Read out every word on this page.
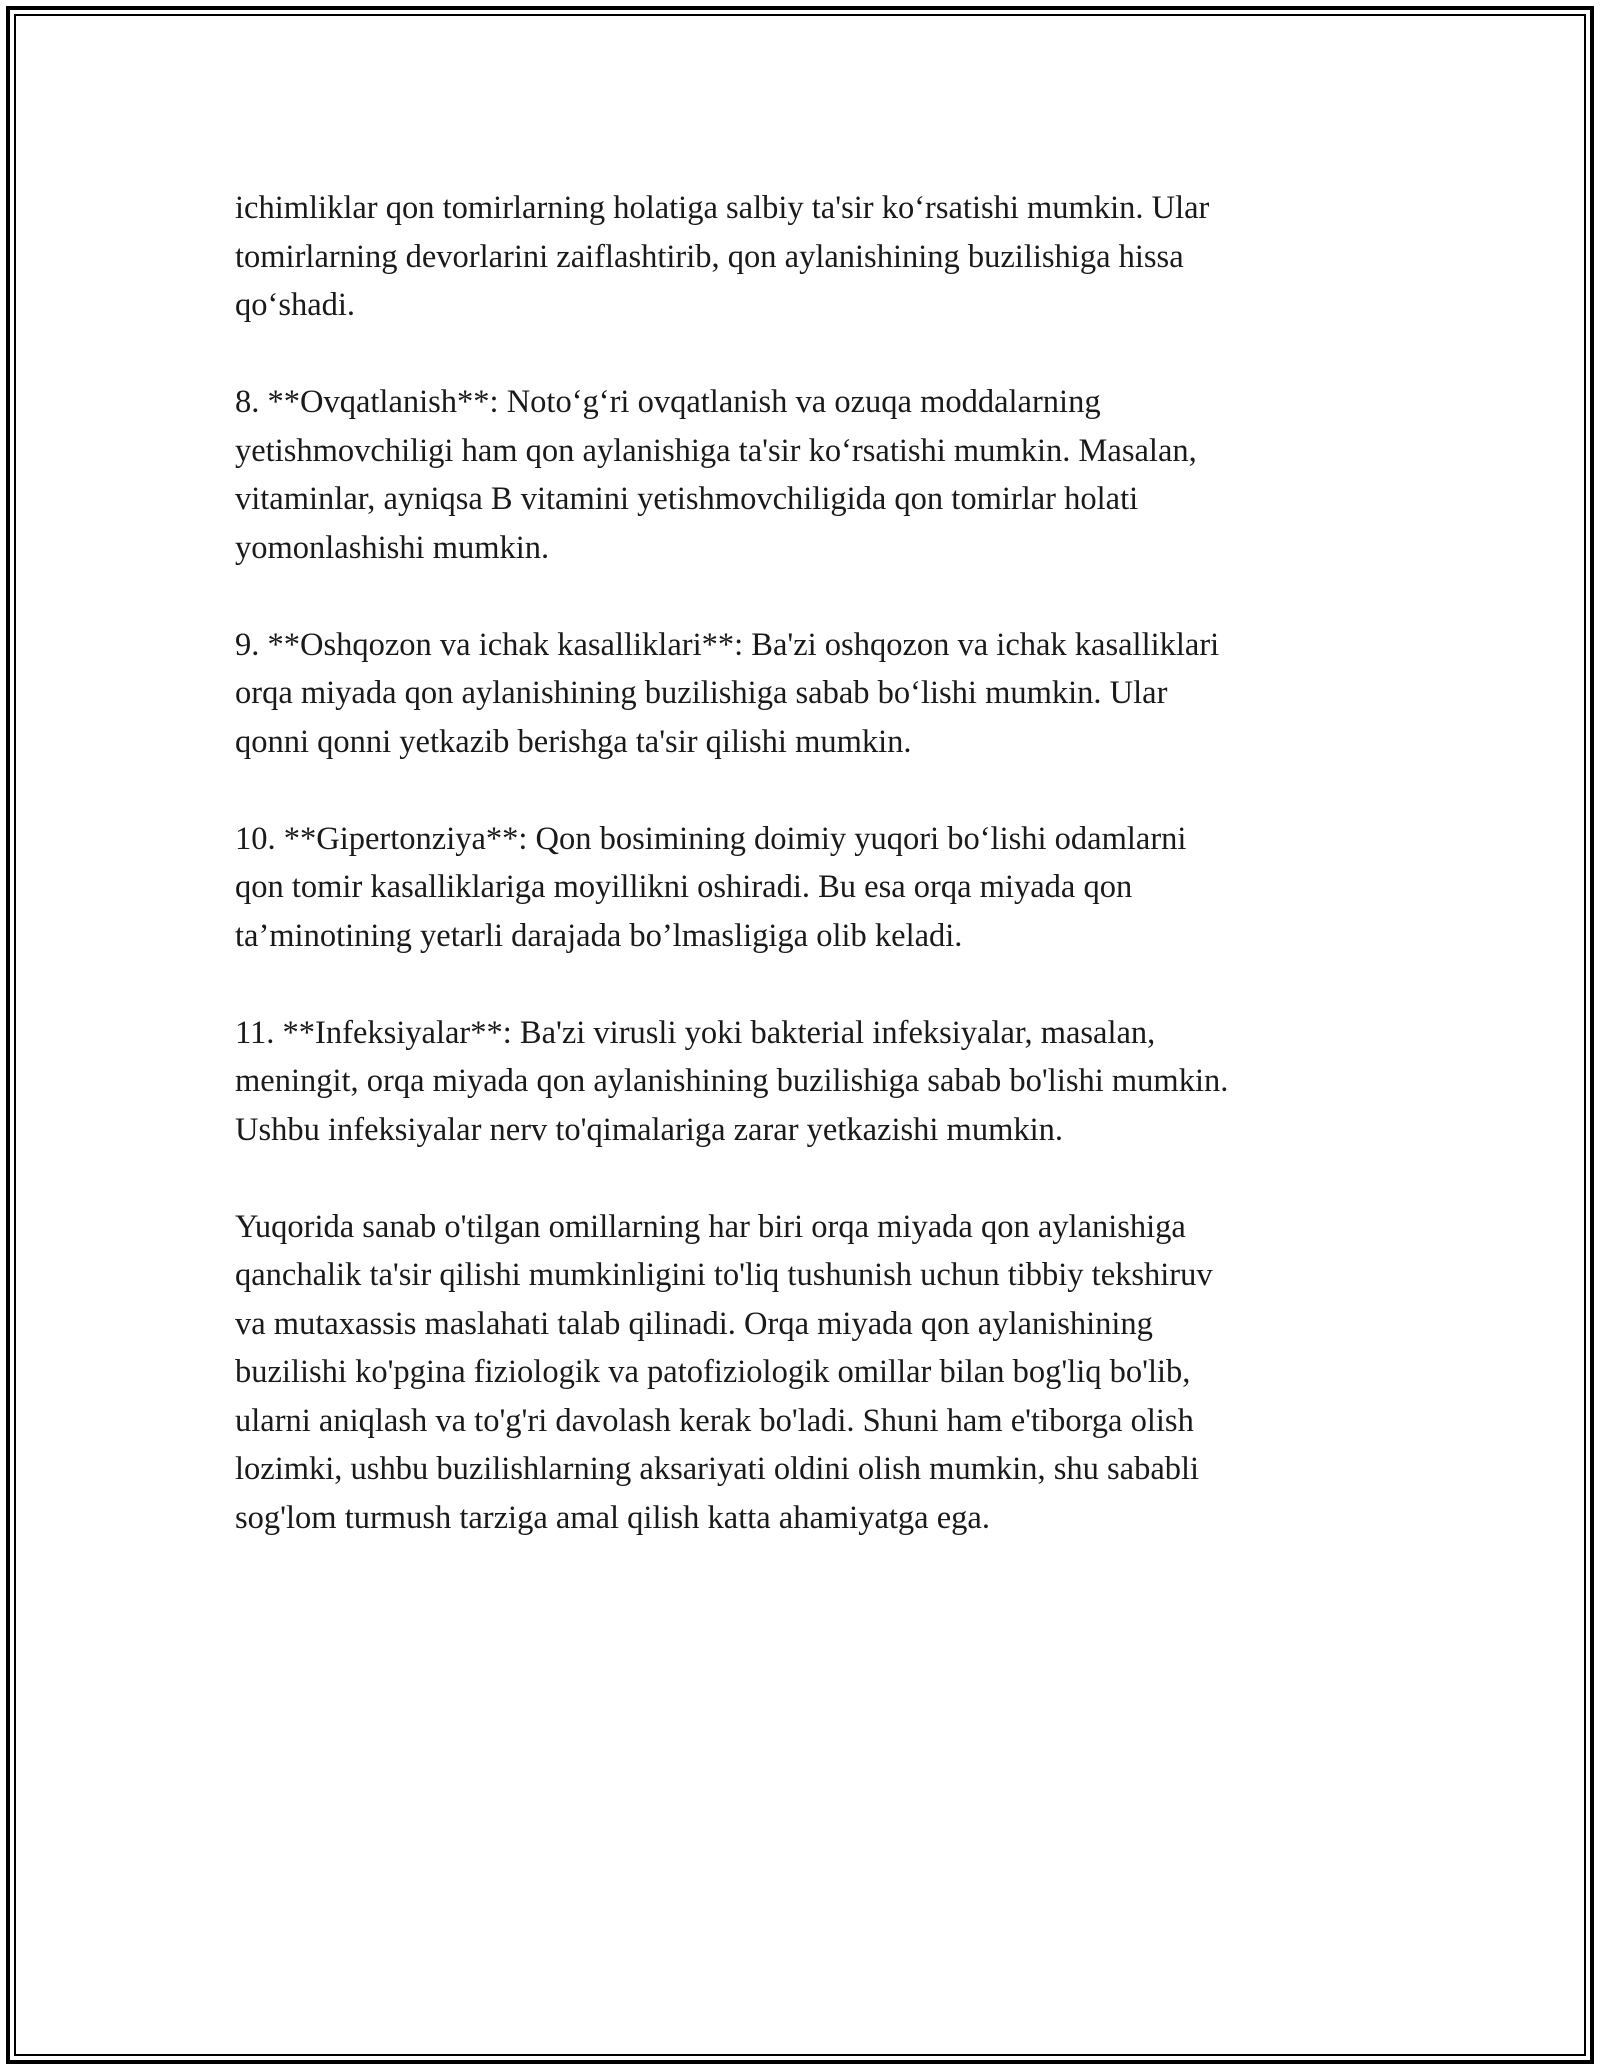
ichimliklar qon tomirlarning holatiga salbiy ta'sir ko‘rsatishi mumkin. Ular
tomirlarning devorlarini zaiflashtirib, qon aylanishining buzilishiga hissa
qo‘shadi.

8. **Ovqatlanish**: Noto‘g‘ri ovqatlanish va ozuqa moddalarning
yetishmovchiligi ham qon aylanishiga ta'sir ko‘rsatishi mumkin. Masalan,
vitaminlar, ayniqsa B vitamini yetishmovchiligida qon tomirlar holati
yomonlashishi mumkin.

9. **Oshqozon va ichak kasalliklari**: Ba'zi oshqozon va ichak kasalliklari
orqa miyada qon aylanishining buzilishiga sabab bo‘lishi mumkin. Ular
qonni qonni yetkazib berishga ta'sir qilishi mumkin.

10. **Gipertonziya**: Qon bosimining doimiy yuqori bo‘lishi odamlarni
qon tomir kasalliklariga moyillikni oshiradi. Bu esa orqa miyada qon
ta’minotining yetarli darajada bo’lmasligiga olib keladi.

11. **Infeksiyalar**: Ba'zi virusli yoki bakterial infeksiyalar, masalan,
meningit, orqa miyada qon aylanishining buzilishiga sabab bo'lishi mumkin.
Ushbu infeksiyalar nerv to'qimalariga zarar yetkazishi mumkin.

Yuqorida sanab o'tilgan omillarning har biri orqa miyada qon aylanishiga
qanchalik ta'sir qilishi mumkinligini to'liq tushunish uchun tibbiy tekshiruv
va mutaxassis maslahati talab qilinadi. Orqa miyada qon aylanishining
buzilishi ko'pgina fiziologik va patofiziologik omillar bilan bog'liq bo'lib,
ularni aniqlash va to'g'ri davolash kerak bo'ladi. Shuni ham e'tiborga olish
lozimki, ushbu buzilishlarning aksariyati oldini olish mumkin, shu sababli
sog'lom turmush tarziga amal qilish katta ahamiyatga ega.
